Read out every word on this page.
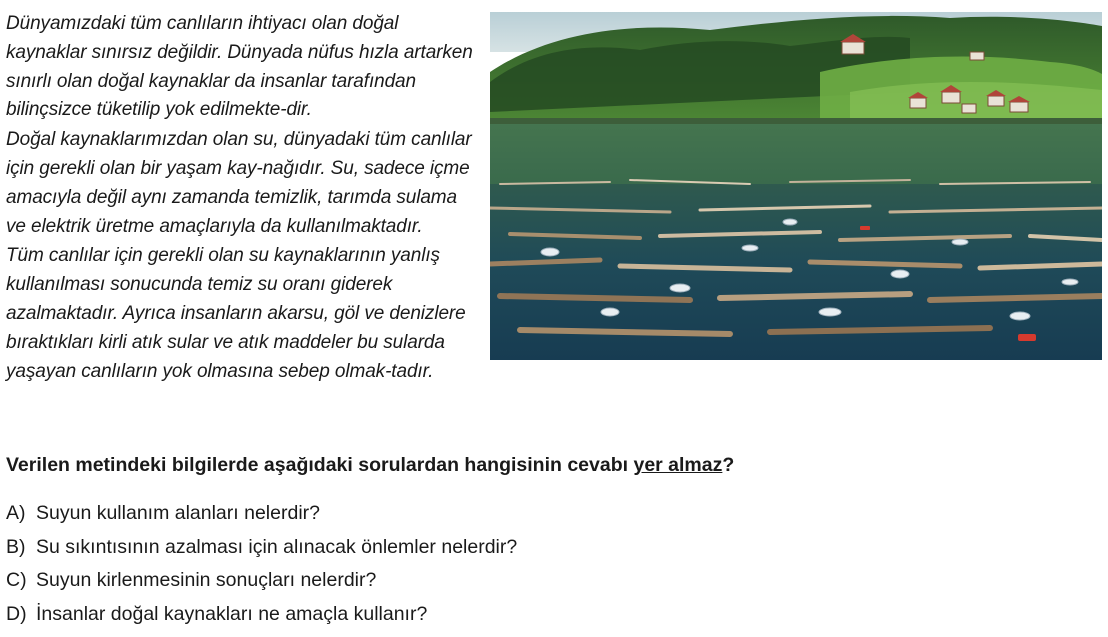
Dünyamızdaki tüm canlıların ihtiyacı olan doğal kaynaklar sınırsız değildir. Dünyada nüfus hızla artarken sınırlı olan doğal kaynaklar da insanlar tarafından bilinçsizce tüketilip yok edilmekte-dir.

Doğal kaynaklarımızdan olan su, dünyadaki tüm canlılar için gerekli olan bir yaşam kay-nağıdır. Su, sadece içme amacıyla değil aynı zamanda temizlik, tarımda sulama ve elektrik üretme amaçlarıyla da kullanılmaktadır.

Tüm canlılar için gerekli olan su kaynaklarının yanlış kullanılması sonucunda temiz su oranı giderek azalmaktadır. Ayrıca insanların akarsu, göl ve denizlere bıraktıkları kirli atık sular ve atık maddeler bu sularda yaşayan canlıların yok olmasına sebep olmak-tadır.

Verilen metindeki bilgilerde aşağıdaki sorulardan hangisinin cevabı yer almaz?
A) Suyun kullanım alanları nelerdir?
B) Su sıkıntısının azalması için alınacak önlemler nelerdir?
C) Suyun kirlenmesinin sonuçları nelerdir?
D) İnsanlar doğal kaynakları ne amaçla kullanır?
